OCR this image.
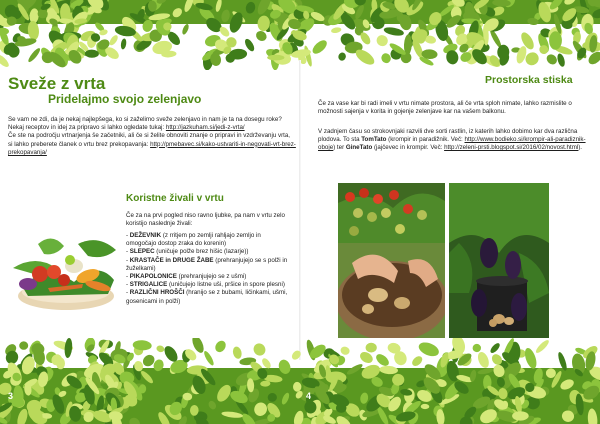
Sveže z vrta
Pridelajmo svojo zelenjavo

Se vam ne zdi, da je nekaj najlepšega, ko si zaželimo sveže zelenjavo in nam je ta na dosegu roke?
Nekaj receptov in idej za pripravo si lahko ogledate tukaj: http://jazkuham.si/jedi-z-vrta/
Če ste na področju vrtnarjenja še začetniki, ali če si želite obnoviti znanje o pripravi in vzdrževanju vrta, si lahko preberete članek o vrtu brez prekopavanja: http://pmebavec.si/kako-ustvariti-in-negovati-vrt-brez-prekopavanja/

Koristne živali v vrtu

Če za na prvi pogled niso ravno ljubke, pa nam v vrtu zelo koristijo naslednje živali:

- DEŽEVNIK (z rritjem po zemlji rahljajo zemljo in omogočajo dostop zraka do korenin)
- SLEPEC (uničuje polže brez hišic (lazarje))
- KRASTAČE in DRUGE ŽABE (prehranjujejo se s polži in žuželkami)
- PIKAPOLONICE (prehranjujejo se z ušmi)
- STRIGALICE (uničujejo listne uši, pršice in spore plesni)
- RAZLIČNI HROŠČI (hranijo se z bubami, ličinkami, ušmi, gosenicami in polži)
Prostorska stiska

Če za vase kar bi radi imeli v vrtu nimate prostora, ali če vrta sploh nimate, lahko razmislite o možnosti sajenja v korita in gojenje zelenjave kar na vašem balkonu.

V zadnjem času so strokovnjaki razvili dve sorti rastlin, iz katerih lahko dobimo kar dva različna plodova. To sta TomTato (krompir in paradižnik. Več: http://www.bodieko.si/krompir-ali-paradiznik-oboje) ter GineTato (jajčevec in krompir. Več: http://zeleni-prsti.blogspot.si/2016/02/novost.html).

3	4
